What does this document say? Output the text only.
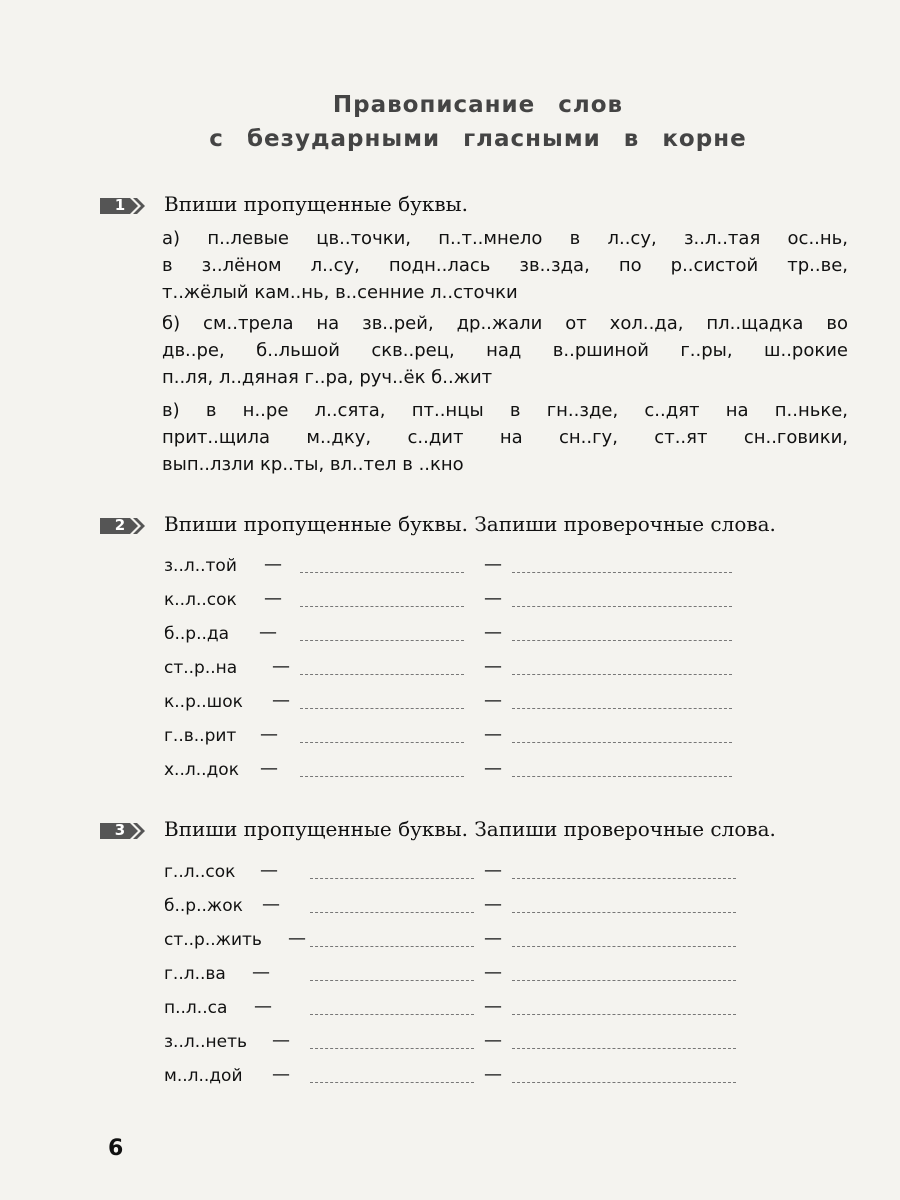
Правописание слов
с безударными гласными в корне
1 Впиши пропущенные буквы.
а) п..левые цв..точки, п..т..мнело в л..су, з..л..тая ос..нь,
в з..лёном л..су, подн..лась зв..зда, по р..систой тр..ве,
т..жёлый кам..нь, в..сенние л..сточки
б) см..трела на зв..рей, др..жали от хол..да, пл..щадка во
дв..ре, б..льшой скв..рец, над в..ршиной г..ры, ш..рокие
п..ля, л..дяная г..ра, руч..ёк б..жит
в) в н..ре л..сята, пт..нцы в гн..зде, с..дят на п..ньке,
прит..щила м..дку, с..дит на сн..гу, ст..ят сн..говики,
вып..лзли кр..ты, вл..тел в ..кно
2 Впиши пропущенные буквы. Запиши проверочные слова.
з..л..той —	—
к..л..сок —	—
б..р..да —	—
ст..р..на —	—
к..р..шок —	—
г..в..рит —	—
х..л..док —	—
3 Впиши пропущенные буквы. Запиши проверочные слова.
г..л..сок —	—
б..р..жок —	—
ст..р..жить —	—
г..л..ва —	—
п..л..са —	—
з..л..неть —	—
м..л..дой —	—
6
